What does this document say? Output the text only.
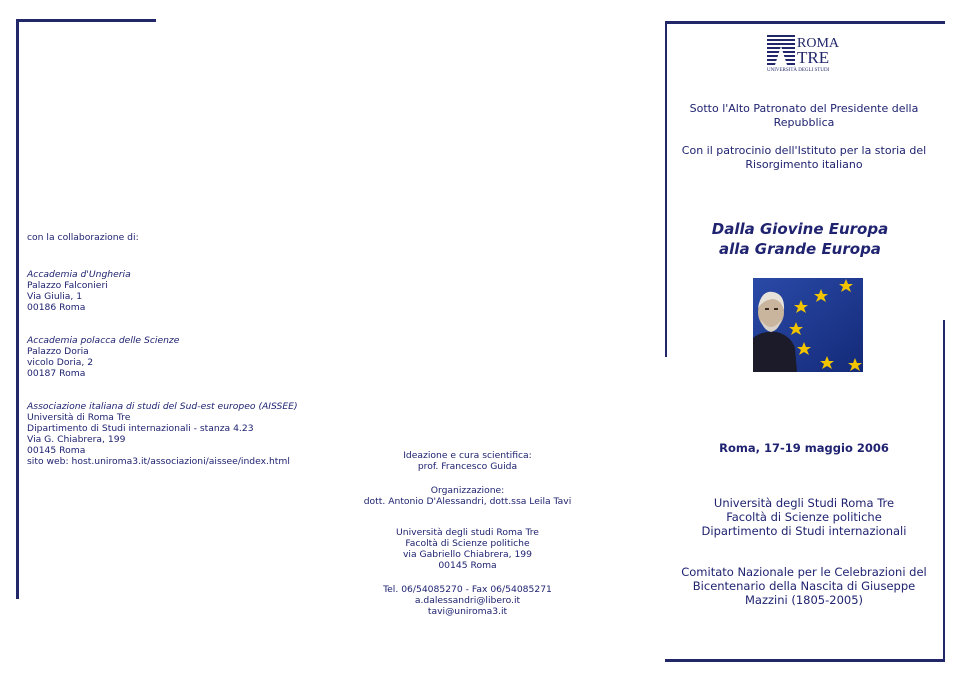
con la collaborazione di:

Accademia d'Ungheria

Palazzo Falconieri

Via Giulia, 1

00186 Roma

Accademia polacca delle Scienze

Palazzo Doria

vicolo Doria, 2

00187 Roma

Associazione italiana di studi del Sud-est europeo (AISSEE)

Università di Roma Tre

Dipartimento di Studi internazionali - stanza 4.23

Via G. Chiabrera, 199

00145 Roma

sito web: host.uniroma3.it/associazioni/aissee/index.html

Ideazione e cura scientifica:

prof. Francesco Guida

Organizzazione:

dott. Antonio D'Alessandri, dott.ssa Leila Tavi

Università degli studi Roma Tre

Facoltà di Scienze politiche

via Gabriello Chiabrera, 199

00145 Roma

Tel. 06/54085270 - Fax 06/54085271

a.dalessandri@libero.it

tavi@uniroma3.it

ROMA
TRE
UNIVERSITÀ DEGLI STUDI

Sotto l'Alto Patronato del Presidente della Repubblica

Con il patrocinio dell'Istituto per la storia del Risorgimento italiano

Dalla Giovine Europa
alla Grande Europa
Roma, 17-19 maggio 2006

Università degli Studi Roma Tre

Facoltà di Scienze politiche

Dipartimento di Studi internazionali

Comitato Nazionale per le Celebrazioni del Bicentenario della Nascita di Giuseppe Mazzini (1805-2005)
